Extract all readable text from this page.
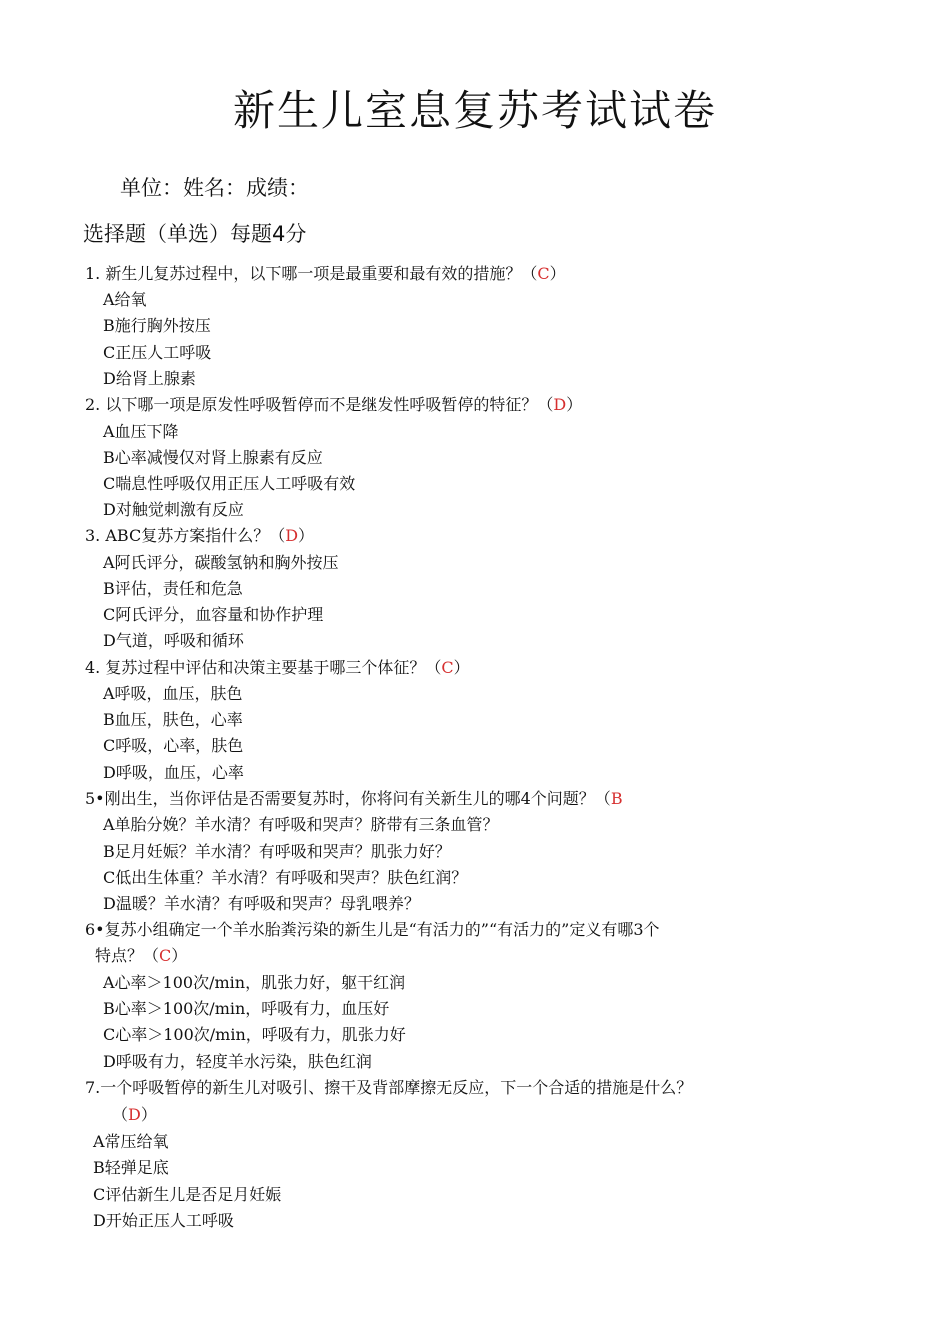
新生儿室息复苏考试试卷
单位：姓名：成绩：
选择题（单选）每题4分
1. 新生儿复苏过程中，以下哪一项是最重要和最有效的措施？（C）
A给氧
B施行胸外按压
C正压人工呼吸
D给肾上腺素
2. 以下哪一项是原发性呼吸暂停而不是继发性呼吸暂停的特征？（D）
A血压下降
B心率减慢仅对肾上腺素有反应
C喘息性呼吸仅用正压人工呼吸有效
D对触觉刺激有反应
3. ABC复苏方案指什么？（D）
A阿氏评分，碳酸氢钠和胸外按压
B评估，责任和危急
C阿氏评分，血容量和协作护理
D气道，呼吸和循环
4. 复苏过程中评估和决策主要基于哪三个体征？（C）
A呼吸，血压，肤色
B血压，肤色，心率
C呼吸，心率，肤色
D呼吸，血压，心率
5•刚出生，当你评估是否需要复苏时，你将问有关新生儿的哪4个问题？（B
A单胎分娩？羊水清？有呼吸和哭声？脐带有三条血管？
B足月妊娠？羊水清？有呼吸和哭声？肌张力好？
C低出生体重？羊水清？有呼吸和哭声？肤色红润？
D温暖？羊水清？有呼吸和哭声？母乳喂养？
6•复苏小组确定一个羊水胎粪污染的新生儿是“有活力的”“有活力的”定义有哪3个
特点？（C）
A心率＞100次/min，肌张力好，躯干红润
B心率＞100次/min，呼吸有力，血压好
C心率＞100次/min，呼吸有力，肌张力好
D呼吸有力，轻度羊水污染，肤色红润
7.一个呼吸暂停的新生儿对吸引、擦干及背部摩擦无反应，下一个合适的措施是什么？
（D）
A常压给氧
B轻弹足底
C评估新生儿是否足月妊娠
D开始正压人工呼吸
